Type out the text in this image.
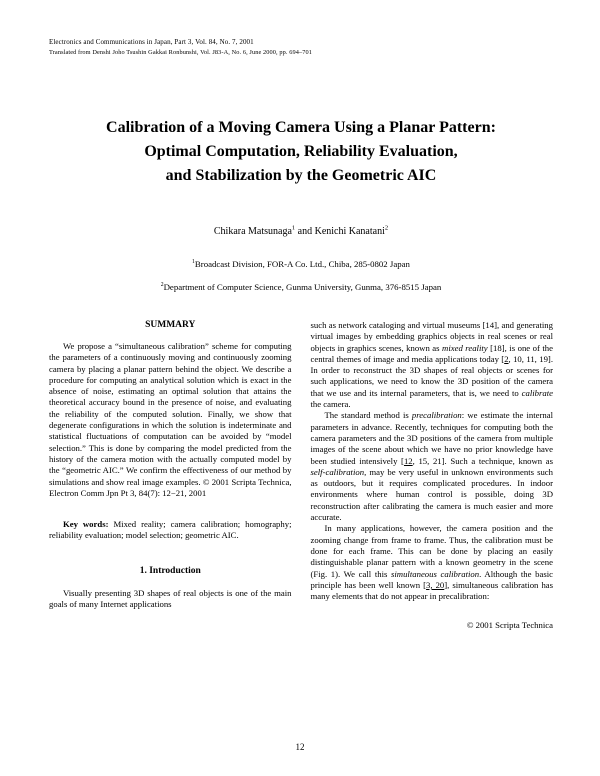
Electronics and Communications in Japan, Part 3, Vol. 84, No. 7, 2001
Translated from Denshi Joho Tsushin Gakkai Ronbunshi, Vol. J83-A, No. 6, June 2000, pp. 694–701
Calibration of a Moving Camera Using a Planar Pattern:
Optimal Computation, Reliability Evaluation,
and Stabilization by the Geometric AIC
Chikara Matsunaga$^1$ and Kenichi Kanatani$^2$
$^1$Broadcast Division, FOR-A Co. Ltd., Chiba, 285-0802 Japan
$^2$Department of Computer Science, Gunma University, Gunma, 376-8515 Japan
SUMMARY

We propose a “simultaneous calibration” scheme for computing the parameters of a continuously moving and continuously zooming camera by placing a planar pattern behind the object. We describe a procedure for computing an analytical solution which is exact in the absence of noise, estimating an optimal solution that attains the theoretical accuracy bound in the presence of noise, and evaluating the reliability of the computed solution. Finally, we show that degenerate configurations in which the solution is indeterminate and statistical fluctuations of computation can be avoided by “model selection.” This is done by comparing the model predicted from the history of the camera motion with the actually computed model by the “geometric AIC.” We confirm the effectiveness of our method by simulations and show real image examples. © 2001 Scripta Technica, Electron Comm Jpn Pt 3, 84(7): 12−21, 2001

Key words: Mixed reality; camera calibration; homography; reliability evaluation; model selection; geometric AIC.

1. Introduction

Visually presenting 3D shapes of real objects is one of the main goals of many Internet applications

such as network cataloging and virtual museums [14], and generating virtual images by embedding graphics objects in real scenes or real objects in graphics scenes, known as mixed reality [18], is one of the central themes of image and media applications today [2, 10, 11, 19]. In order to reconstruct the 3D shapes of real objects or scenes for such applications, we need to know the 3D position of the camera that we use and its internal parameters, that is, we need to calibrate the camera.

The standard method is precalibration: we estimate the internal parameters in advance. Recently, techniques for computing both the camera parameters and the 3D positions of the camera from multiple images of the scene about which we have no prior knowledge have been studied intensively [12, 15, 21]. Such a technique, known as self-calibration, may be very useful in unknown environments such as outdoors, but it requires complicated procedures. In indoor environments where human control is possible, doing 3D reconstruction after calibrating the camera is much easier and more accurate.

In many applications, however, the camera position and the zooming change from frame to frame. Thus, the calibration must be done for each frame. This can be done by placing an easily distinguishable planar pattern with a known geometry in the scene (Fig. 1). We call this simultaneous calibration. Although the basic principle has been well known [3, 20], simultaneous calibration has many elements that do not appear in precalibration:

© 2001 Scripta Technica
12
